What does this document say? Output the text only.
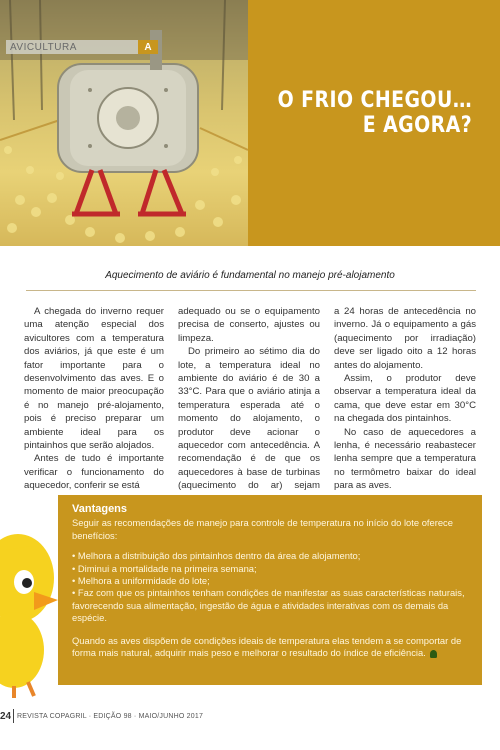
AVICULTURA	A
O FRIO CHEGOU…
E AGORA?
Aquecimento de aviário é fundamental no manejo pré-alojamento

A chegada do inverno requer uma atenção especial dos avicultores com a temperatura dos aviários, já que este é um fator importante para o desenvolvimento das aves. E o momento de maior preocupação é no manejo pré-alojamento, pois é preciso preparar um ambiente ideal para os pintainhos que serão alojados.

Antes de tudo é importante verificar o funcionamento do aquecedor, conferir se está

adequado ou se o equipamento precisa de conserto, ajustes ou limpeza.

Do primeiro ao sétimo dia do lote, a temperatura ideal no ambiente do aviário é de 30 a 33°C. Para que o aviário atinja a temperatura esperada até o momento do alojamento, o produtor deve acionar o aquecedor com antecedência. A recomendação é de que os aquecedores à base de turbinas (aquecimento do ar) sejam

a 24 horas de antecedência no inverno. Já o equipamento a gás (aquecimento por irradiação) deve ser ligado oito a 12 horas antes do alojamento.

Assim, o produtor deve observar a temperatura ideal da cama, que deve estar em 30°C na chegada dos pintainhos.

No caso de aquecedores a lenha, é necessário reabastecer lenha sempre que a temperatura no termômetro baixar do ideal para as aves.

Vantagens

Seguir as recomendações de manejo para controle de temperatura no início do lote oferece benefícios:

• Melhora a distribuição dos pintainhos dentro da área de alojamento;
• Diminui a mortalidade na primeira semana;
• Melhora a uniformidade do lote;
• Faz com que os pintainhos tenham condições de manifestar as suas características naturais, favorecendo sua alimentação, ingestão de água e atividades interativas com os demais da espécie.

Quando as aves dispõem de condições ideais de temperatura elas tendem a se comportar de forma mais natural, adquirir mais peso e melhorar o resultado do índice de eficiência.

24 REVISTA COPAGRIL · EDIÇÃO 98 · MAIO/JUNHO 2017
